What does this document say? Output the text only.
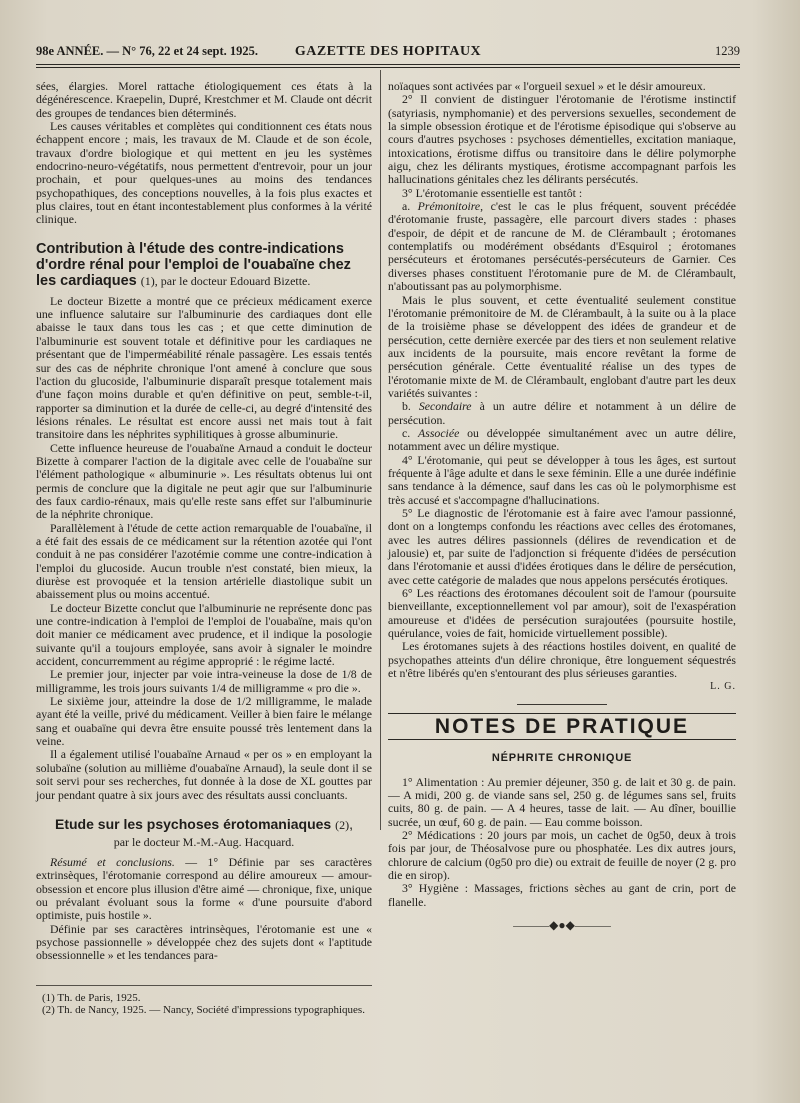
98e ANNÉE. — N° 76, 22 et 24 sept. 1925.	GAZETTE DES HOPITAUX	1239

sées, élargies. Morel rattache étiologiquement ces états à la dégénérescence. Kraepelin, Dupré, Krestchmer et M. Claude ont décrit des groupes de tendances bien déterminés.

Les causes véritables et complètes qui conditionnent ces états nous échappent encore ; mais, les travaux de M. Claude et de son école, travaux d'ordre biologique et qui mettent en jeu les systèmes endocrino-neuro-végétatifs, nous permettent d'entrevoir, pour un jour prochain, et pour quelques-unes au moins des tendances psychopathiques, des conceptions nouvelles, à la fois plus exactes et plus claires, tout en étant incontestablement plus conformes à la vérité clinique.

Contribution à l'étude des contre-indications d'ordre rénal pour l'emploi de l'ouabaïne chez les cardiaques (1), par le docteur Edouard Bizette.

Le docteur Bizette a montré que ce précieux médicament exerce une influence salutaire sur l'albuminurie des cardiaques dont elle abaisse le taux dans tous les cas ; et que cette diminution de l'albuminurie est souvent totale et définitive pour les cardiaques ne présentant que de l'imperméabilité rénale passagère. Les essais tentés sur des cas de néphrite chronique l'ont amené à conclure que sous l'action du glucoside, l'albuminurie disparaît presque totalement mais d'une façon moins durable et qu'en définitive on peut, semble-t-il, rapporter sa diminution et la durée de celle-ci, au degré d'intensité des lésions rénales. Le résultat est encore aussi net mais tout à fait transitoire dans les néphrites syphilitiques à grosse albuminurie.

Cette influence heureuse de l'ouabaïne Arnaud a conduit le docteur Bizette à comparer l'action de la digitale avec celle de l'ouabaïne sur l'élément pathologique « albuminurie ». Les résultats obtenus lui ont permis de conclure que la digitale ne peut agir que sur l'albuminurie des faux cardio-rénaux, mais qu'elle reste sans effet sur l'albuminurie de la néphrite chronique.

Parallèlement à l'étude de cette action remarquable de l'ouabaïne, il a été fait des essais de ce médicament sur la rétention azotée qui l'ont conduit à ne pas considérer l'azotémie comme une contre-indication à l'emploi du glucoside. Aucun trouble n'est constaté, bien mieux, la diurèse est provoquée et la tension artérielle diastolique subit un abaissement plus ou moins accentué.

Le docteur Bizette conclut que l'albuminurie ne représente donc pas une contre-indication à l'emploi de l'emploi de l'ouabaïne, mais qu'on doit manier ce médicament avec prudence, et il indique la posologie suivante qu'il a toujours employée, sans avoir à signaler le moindre accident, concurremment au régime approprié : le régime lacté.

Le premier jour, injecter par voie intra-veineuse la dose de 1/8 de milligramme, les trois jours suivants 1/4 de milligramme « pro die ».

Le sixième jour, atteindre la dose de 1/2 milligramme, le malade ayant été la veille, privé du médicament. Veiller à bien faire le mélange sang et ouabaïne qui devra être ensuite poussé très lentement dans la veine.

Il a également utilisé l'ouabaïne Arnaud « per os » en employant la solubaïne (solution au millième d'ouabaïne Arnaud), la seule dont il se soit servi pour ses recherches, fut donnée à la dose de XL gouttes par jour pendant quatre à six jours avec des résultats aussi concluants.

Etude sur les psychoses érotomaniaques (2),
par le docteur M.-M.-Aug. Hacquard.

Résumé et conclusions. — 1° Définie par ses caractères extrinsèques, l'érotomanie correspond au délire amoureux — amour-obsession et encore plus illusion d'être aimé — chronique, fixe, unique ou prévalant évoluant sous la forme « d'une poursuite d'abord optimiste, puis hostile ».

Définie par ses caractères intrinsèques, l'érotomanie est une « psychose passionnelle » développée chez des sujets dont « l'aptitude obsessionnelle » et les tendances para-

(1) Th. de Paris, 1925.
(2) Th. de Nancy, 1925. — Nancy, Société d'impressions typographiques.

noïaques sont activées par « l'orgueil sexuel » et le désir amoureux.

2° Il convient de distinguer l'érotomanie de l'érotisme instinctif (satyriasis, nymphomanie) et des perversions sexuelles, secondement de la simple obsession érotique et de l'érotisme épisodique qui s'observe au cours d'autres psychoses : psychoses démentielles, excitation maniaque, intoxications, érotisme diffus ou transitoire dans le délire polymorphe aigu, chez les délirants mystiques, érotisme accompagnant parfois les hallucinations génitales chez les délirants persécutés.

3° L'érotomanie essentielle est tantôt :

a. Prémonitoire, c'est le cas le plus fréquent, souvent précédée d'érotomanie fruste, passagère, elle parcourt divers stades : phases d'espoir, de dépit et de rancune de M. de Clérambault ; érotomanes contemplatifs ou modérément obsédants d'Esquirol ; érotomanes persécuteurs et érotomanes persécutés-persécuteurs de Garnier. Ces diverses phases constituent l'érotomanie pure de M. de Clérambault, n'aboutissant pas au polymorphisme.

Mais le plus souvent, et cette éventualité seulement constitue l'érotomanie prémonitoire de M. de Clérambault, à la suite ou à la place de la troisième phase se développent des idées de grandeur et de persécution, cette dernière exercée par des tiers et non seulement relative aux incidents de la poursuite, mais encore revêtant la forme de persécution générale. Cette éventualité réalise un des types de l'érotomanie mixte de M. de Clérambault, englobant d'autre part les deux variétés suivantes :

b. Secondaire à un autre délire et notamment à un délire de persécution.

c. Associée ou développée simultanément avec un autre délire, notamment avec un délire mystique.

4° L'érotomanie, qui peut se développer à tous les âges, est surtout fréquente à l'âge adulte et dans le sexe féminin. Elle a une durée indéfinie sans tendance à la démence, sauf dans les cas où le polymorphisme est très accusé et s'accompagne d'hallucinations.

5° Le diagnostic de l'érotomanie est à faire avec l'amour passionné, dont on a longtemps confondu les réactions avec celles des érotomanes, avec les autres délires passionnels (délires de revendication et de jalousie) et, par suite de l'adjonction si fréquente d'idées de persécution dans l'érotomanie et aussi d'idées érotiques dans le délire de persécution, avec cette catégorie de malades que nous appelons persécutés érotiques.

6° Les réactions des érotomanes découlent soit de l'amour (poursuite bienveillante, exceptionnellement vol par amour), soit de l'exaspération amoureuse et d'idées de persécution surajoutées (poursuite hostile, quérulance, voies de fait, homicide virtuellement possible).

Les érotomanes sujets à des réactions hostiles doivent, en qualité de psychopathes atteints d'un délire chronique, être longuement séquestrés et n'être libérés qu'en s'entourant des plus sérieuses garanties.

L. G.
NOTES DE PRATIQUE
NÉPHRITE CHRONIQUE

1° Alimentation : Au premier déjeuner, 350 g. de lait et 30 g. de pain. — A midi, 200 g. de viande sans sel, 250 g. de légumes sans sel, fruits cuits, 80 g. de pain. — A 4 heures, tasse de lait. — Au dîner, bouillie sucrée, un œuf, 60 g. de pain. — Eau comme boisson.

2° Médications : 20 jours par mois, un cachet de 0g50, deux à trois fois par jour, de Théosalvose pure ou phosphatée. Les dix autres jours, chlorure de calcium (0g50 pro die) ou extrait de feuille de noyer (2 g. pro die en sirop).

3° Hygiène : Massages, frictions sèches au gant de crin, port de flanelle.

———◆●◆———
